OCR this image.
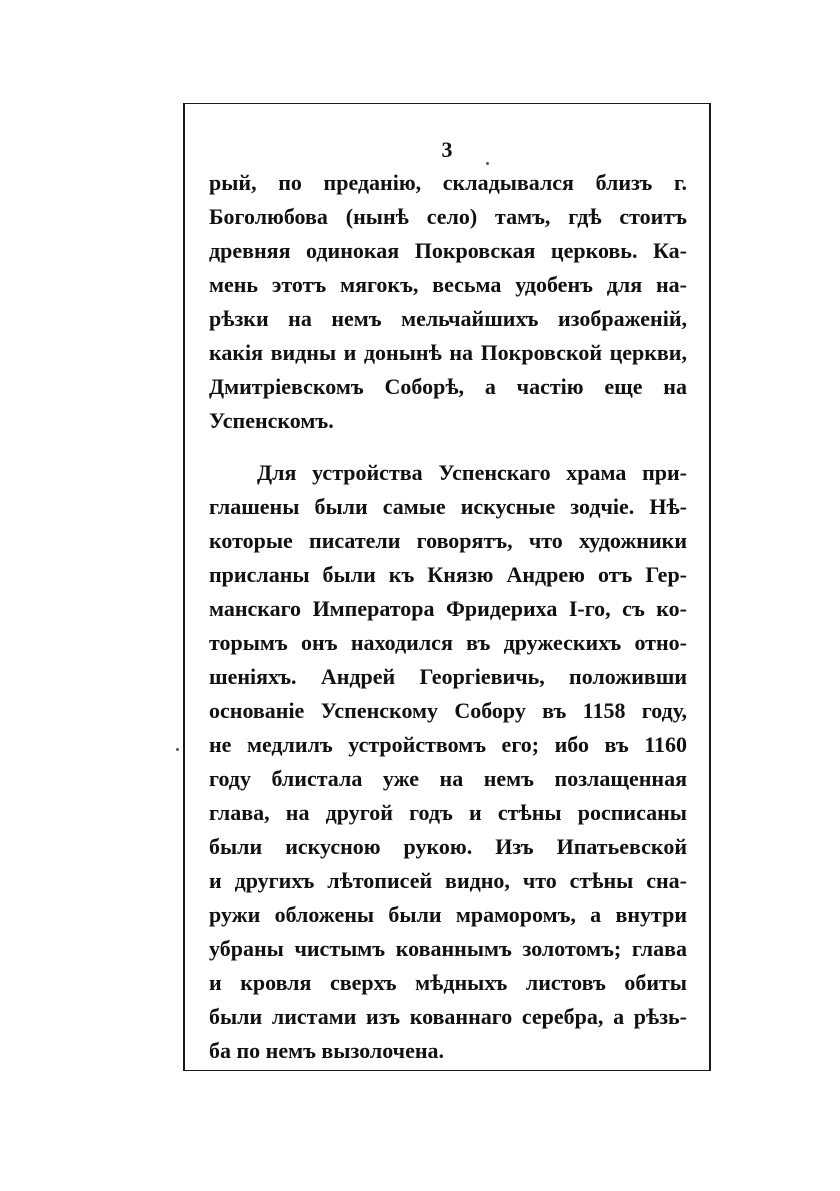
3
рый, по преданію, складывался близъ г.
Боголюбова (нынѣ село) тамъ, гдѣ стоитъ
древняя одинокая Покровская церковь. Ка-
мень этотъ мягокъ, весьма удобенъ для на-
рѣзки на немъ мельчайшихъ изображеній,
какія видны и донынѣ на Покровской церкви,
Дмитріевскомъ Соборѣ, а частію еще на
Успенскомъ.
Для устройства Успенскаго храма при-
глашены были самые искусные зодчіе. Нѣ-
которые писатели говорятъ, что художники
присланы были къ Князю Андрею отъ Гер-
манскаго Императора Фридериха I-го, съ ко-
торымъ онъ находился въ дружескихъ отно-
шеніяхъ. Андрей Георгіевичь, положивши
основаніе Успенскому Собору въ 1158 году,
не медлилъ устройствомъ его; ибо въ 1160
году блистала уже на немъ позлащенная
глава, на другой годъ и стѣны росписаны
были искусною рукою. Изъ Ипатьевской
и другихъ лѣтописей видно, что стѣны сна-
ружи обложены были мраморомъ, а внутри
убраны чистымъ кованнымъ золотомъ; глава
и кровля сверхъ мѣдныхъ листовъ обиты
были листами изъ кованнаго серебра, а рѣзь-
ба по немъ вызолочена.
